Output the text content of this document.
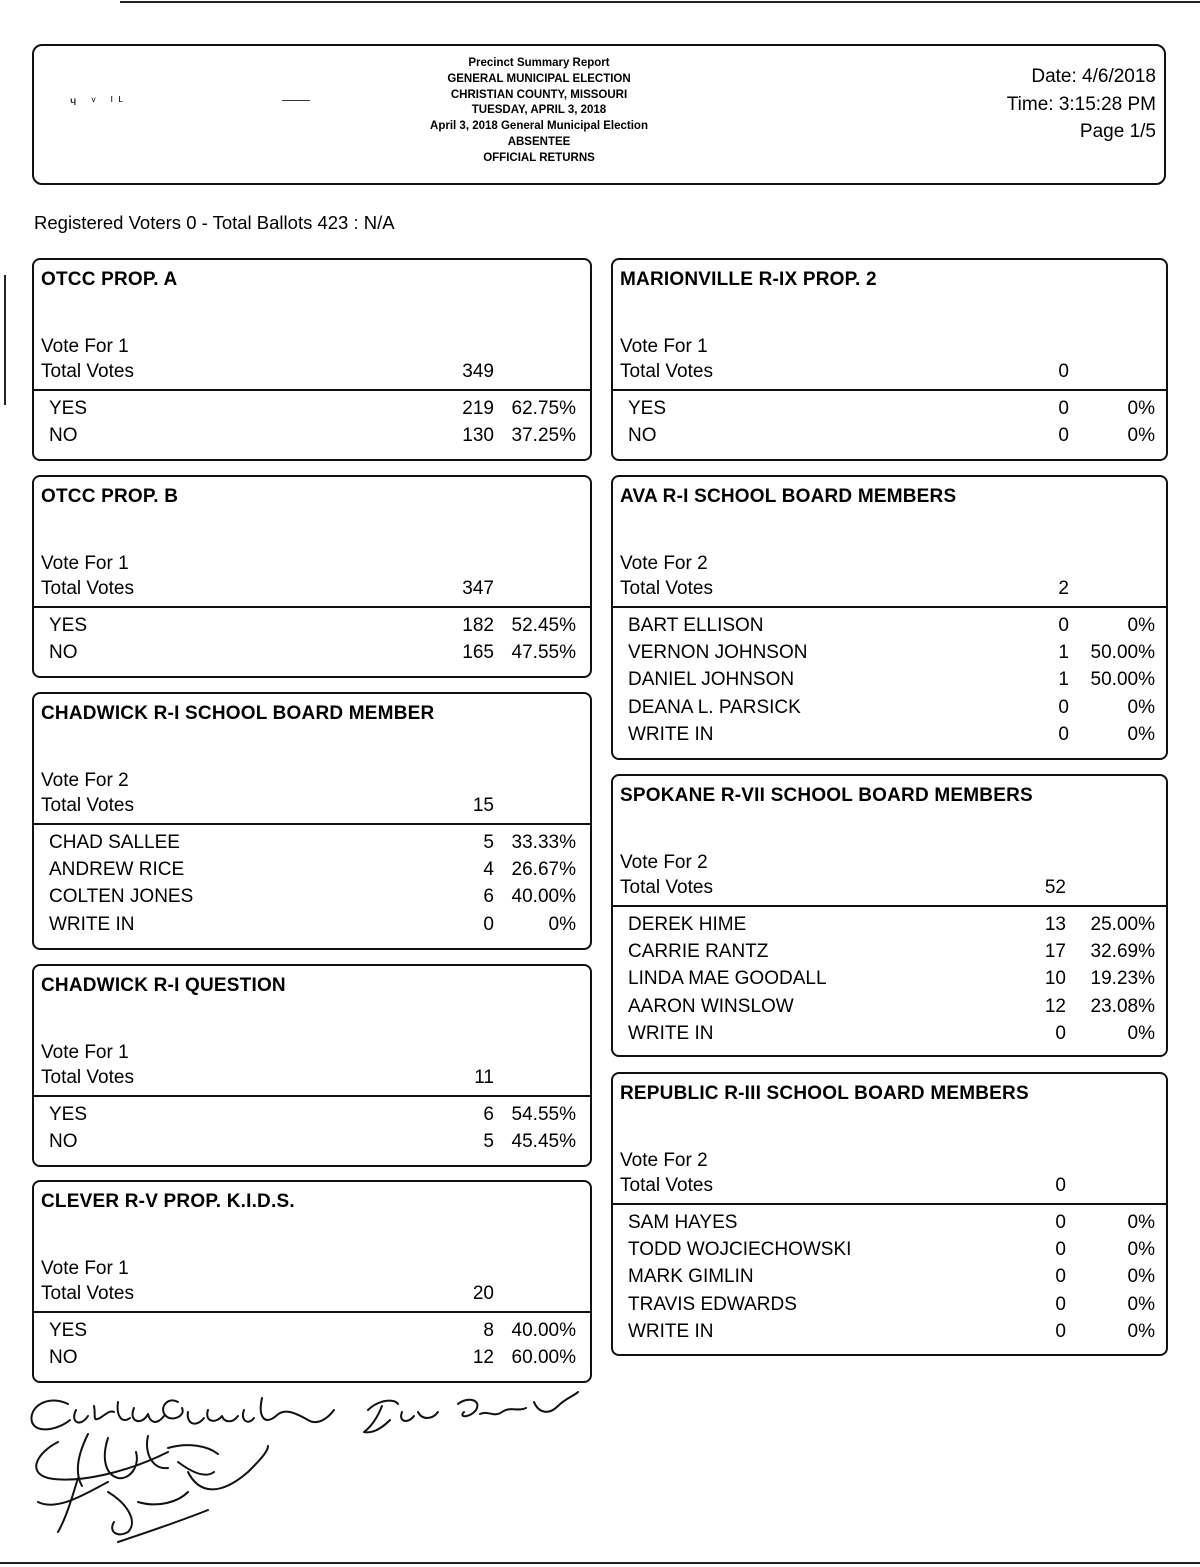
ч ᵛ ᴵᴸ
Precinct Summary Report
GENERAL MUNICIPAL ELECTION
CHRISTIAN COUNTY, MISSOURI
TUESDAY, APRIL 3, 2018
April 3, 2018 General Municipal Election
ABSENTEE
OFFICIAL RETURNS
Date: 4/6/2018
Time: 3:15:28 PM
Page 1/5
Registered Voters 0 - Total Ballots 423 : N/A
OTCC PROP. A
Vote For 1
Total Votes	349
YES	219 62.75%
NO	130 37.25%
OTCC PROP. B
Vote For 1
Total Votes	347
YES	182 52.45%
NO	165 47.55%
CHADWICK R-I SCHOOL BOARD MEMBER
Vote For 2
Total Votes	15
CHAD SALLEE	5 33.33%
ANDREW RICE	4 26.67%
COLTEN JONES	6 40.00%
WRITE IN	0	0%
CHADWICK R-I QUESTION
Vote For 1
Total Votes	11
YES	6 54.55%
NO	5 45.45%
CLEVER R-V PROP. K.I.D.S.
Vote For 1
Total Votes	20
YES	8 40.00%
NO	12 60.00%
MARIONVILLE R-IX PROP. 2
Vote For 1
Total Votes	0
YES	0	0%
NO	0	0%
AVA R-I SCHOOL BOARD MEMBERS
Vote For 2
Total Votes	2
BART ELLISON	0	0%
VERNON JOHNSON	1	50.00%
DANIEL JOHNSON	1	50.00%
DEANA L. PARSICK	0	0%
WRITE IN	0	0%
SPOKANE R-VII SCHOOL BOARD MEMBERS
Vote For 2
Total Votes	52
DEREK HIME	13	25.00%
CARRIE RANTZ	17	32.69%
LINDA MAE GOODALL	10	19.23%
AARON WINSLOW	12	23.08%
WRITE IN	0	0%
REPUBLIC R-III SCHOOL BOARD MEMBERS
Vote For 2
Total Votes	0
SAM HAYES	0	0%
TODD WOJCIECHOWSKI	0	0%
MARK GIMLIN	0	0%
TRAVIS EDWARDS	0	0%
WRITE IN	0	0%
